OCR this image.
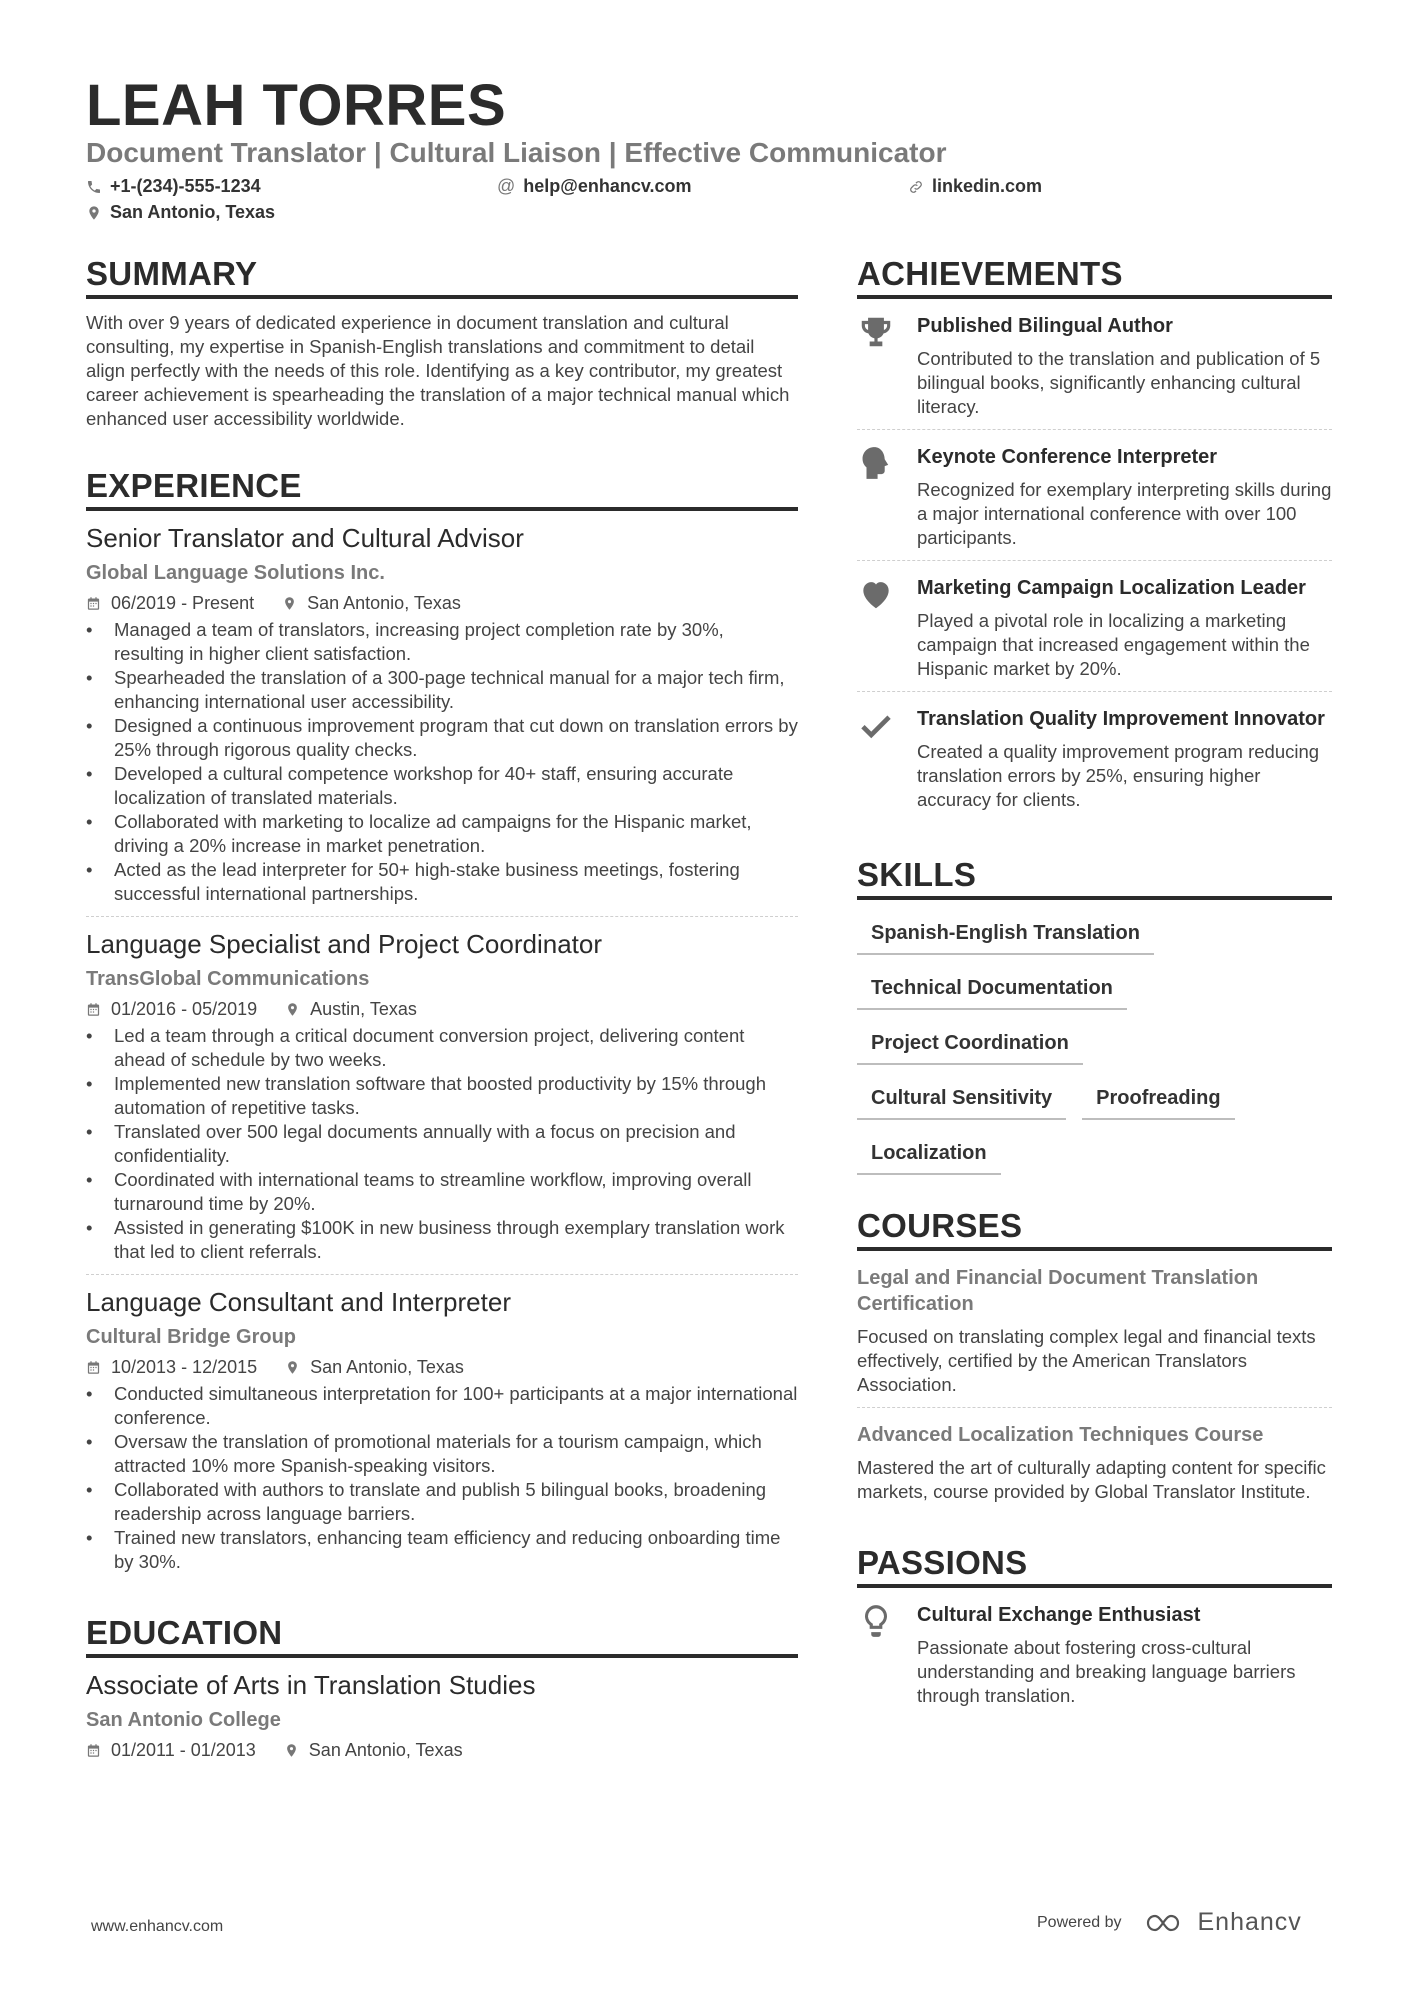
LEAH TORRES
Document Translator | Cultural Liaison | Effective Communicator
+1-(234)-555-1234	@ help@enhancv.com	linkedin.com
San Antonio, Texas
SUMMARY
With over 9 years of dedicated experience in document translation and cultural consulting, my expertise in Spanish-English translations and commitment to detail align perfectly with the needs of this role. Identifying as a key contributor, my greatest career achievement is spearheading the translation of a major technical manual which enhanced user accessibility worldwide.
EXPERIENCE
Senior Translator and Cultural Advisor
Global Language Solutions Inc.
06/2019 - Present	San Antonio, Texas
• Managed a team of translators, increasing project completion rate by 30%, resulting in higher client satisfaction.
• Spearheaded the translation of a 300-page technical manual for a major tech firm, enhancing international user accessibility.
• Designed a continuous improvement program that cut down on translation errors by 25% through rigorous quality checks.
• Developed a cultural competence workshop for 40+ staff, ensuring accurate localization of translated materials.
• Collaborated with marketing to localize ad campaigns for the Hispanic market, driving a 20% increase in market penetration.
• Acted as the lead interpreter for 50+ high-stake business meetings, fostering successful international partnerships.
Language Specialist and Project Coordinator
TransGlobal Communications
01/2016 - 05/2019	Austin, Texas
• Led a team through a critical document conversion project, delivering content ahead of schedule by two weeks.
• Implemented new translation software that boosted productivity by 15% through automation of repetitive tasks.
• Translated over 500 legal documents annually with a focus on precision and confidentiality.
• Coordinated with international teams to streamline workflow, improving overall turnaround time by 20%.
• Assisted in generating $100K in new business through exemplary translation work that led to client referrals.
Language Consultant and Interpreter
Cultural Bridge Group
10/2013 - 12/2015	San Antonio, Texas
• Conducted simultaneous interpretation for 100+ participants at a major international conference.
• Oversaw the translation of promotional materials for a tourism campaign, which attracted 10% more Spanish-speaking visitors.
• Collaborated with authors to translate and publish 5 bilingual books, broadening readership across language barriers.
• Trained new translators, enhancing team efficiency and reducing onboarding time by 30%.
EDUCATION
Associate of Arts in Translation Studies
San Antonio College
01/2011 - 01/2013	San Antonio, Texas
ACHIEVEMENTS
Published Bilingual Author
Contributed to the translation and publication of 5 bilingual books, significantly enhancing cultural literacy.
Keynote Conference Interpreter
Recognized for exemplary interpreting skills during a major international conference with over 100 participants.
Marketing Campaign Localization Leader
Played a pivotal role in localizing a marketing campaign that increased engagement within the Hispanic market by 20%.
Translation Quality Improvement Innovator
Created a quality improvement program reducing translation errors by 25%, ensuring higher accuracy for clients.
SKILLS
Spanish-English Translation
Technical Documentation
Project Coordination
Cultural Sensitivity	Proofreading
Localization
COURSES
Legal and Financial Document Translation Certification
Focused on translating complex legal and financial texts effectively, certified by the American Translators Association.
Advanced Localization Techniques Course
Mastered the art of culturally adapting content for specific markets, course provided by Global Translator Institute.
PASSIONS
Cultural Exchange Enthusiast
Passionate about fostering cross-cultural understanding and breaking language barriers through translation.
www.enhancv.com	Powered by	Enhancv
